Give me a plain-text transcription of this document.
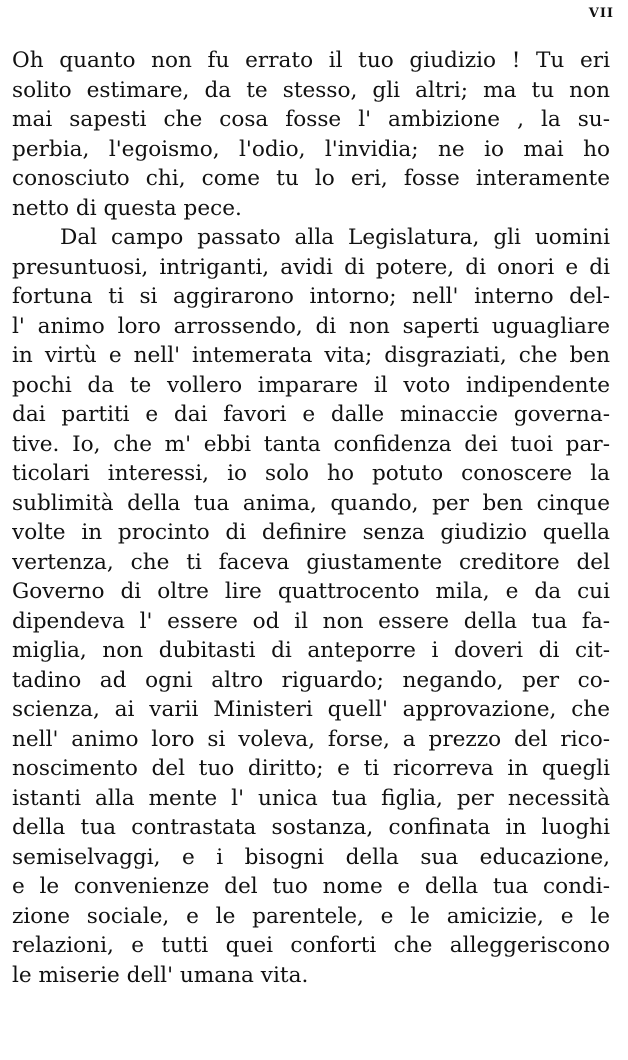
VII
Oh quanto non fu errato il tuo giudizio ! Tu eri
solito estimare, da te stesso, gli altri; ma tu non
mai sapesti che cosa fosse l' ambizione , la su-
perbia, l'egoismo, l'odio, l'invidia; ne io mai ho
conosciuto chi, come tu lo eri, fosse interamente
netto di questa pece.
Dal campo passato alla Legislatura, gli uomini
presuntuosi, intriganti, avidi di potere, di onori e di
fortuna ti si aggirarono intorno; nell' interno del-
l' animo loro arrossendo, di non saperti uguagliare
in virtù e nell' intemerata vita; disgraziati, che ben
pochi da te vollero imparare il voto indipendente
dai partiti e dai favori e dalle minaccie governa-
tive. Io, che m' ebbi tanta confidenza dei tuoi par-
ticolari interessi, io solo ho potuto conoscere la
sublimità della tua anima, quando, per ben cinque
volte in procinto di definire senza giudizio quella
vertenza, che ti faceva giustamente creditore del
Governo di oltre lire quattrocento mila, e da cui
dipendeva l' essere od il non essere della tua fa-
miglia, non dubitasti di anteporre i doveri di cit-
tadino ad ogni altro riguardo; negando, per co-
scienza, ai varii Ministeri quell' approvazione, che
nell' animo loro si voleva, forse, a prezzo del rico-
noscimento del tuo diritto; e ti ricorreva in quegli
istanti alla mente l' unica tua figlia, per necessità
della tua contrastata sostanza, confinata in luoghi
semiselvaggi, e i bisogni della sua educazione,
e le convenienze del tuo nome e della tua condi-
zione sociale, e le parentele, e le amicizie, e le
relazioni, e tutti quei conforti che alleggeriscono
le miserie dell' umana vita.
